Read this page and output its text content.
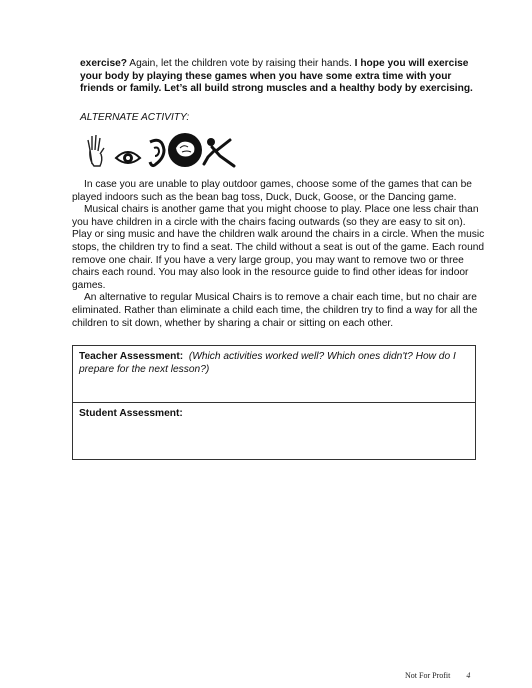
exercise? Again, let the children vote by raising their hands. I hope you will exercise your body by playing these games when you have some extra time with your friends or family. Let’s all build strong muscles and a healthy body by exercising.
ALTERNATE ACTIVITY:

In case you are unable to play outdoor games, choose some of the games that can be played indoors such as the bean bag toss, Duck, Duck, Goose, or the Dancing game.

Musical chairs is another game that you might choose to play. Place one less chair than you have children in a circle with the chairs facing outwards (so they are easy to sit on). Play or sing music and have the children walk around the chairs in a circle. When the music stops, the children try to find a seat. The child without a seat is out of the game. Each round remove one chair. If you have a very large group, you may want to remove two or three chairs each round. You may also look in the resource guide to find other ideas for indoor games.

An alternative to regular Musical Chairs is to remove a chair each time, but no chair are eliminated. Rather than eliminate a child each time, the children try to find a way for all the children to sit down, whether by sharing a chair or sitting on each other.

Teacher Assessment: (Which activities worked well? Which ones didn't? How do I prepare for the next lesson?)
Student Assessment:
Not For Profit 4
